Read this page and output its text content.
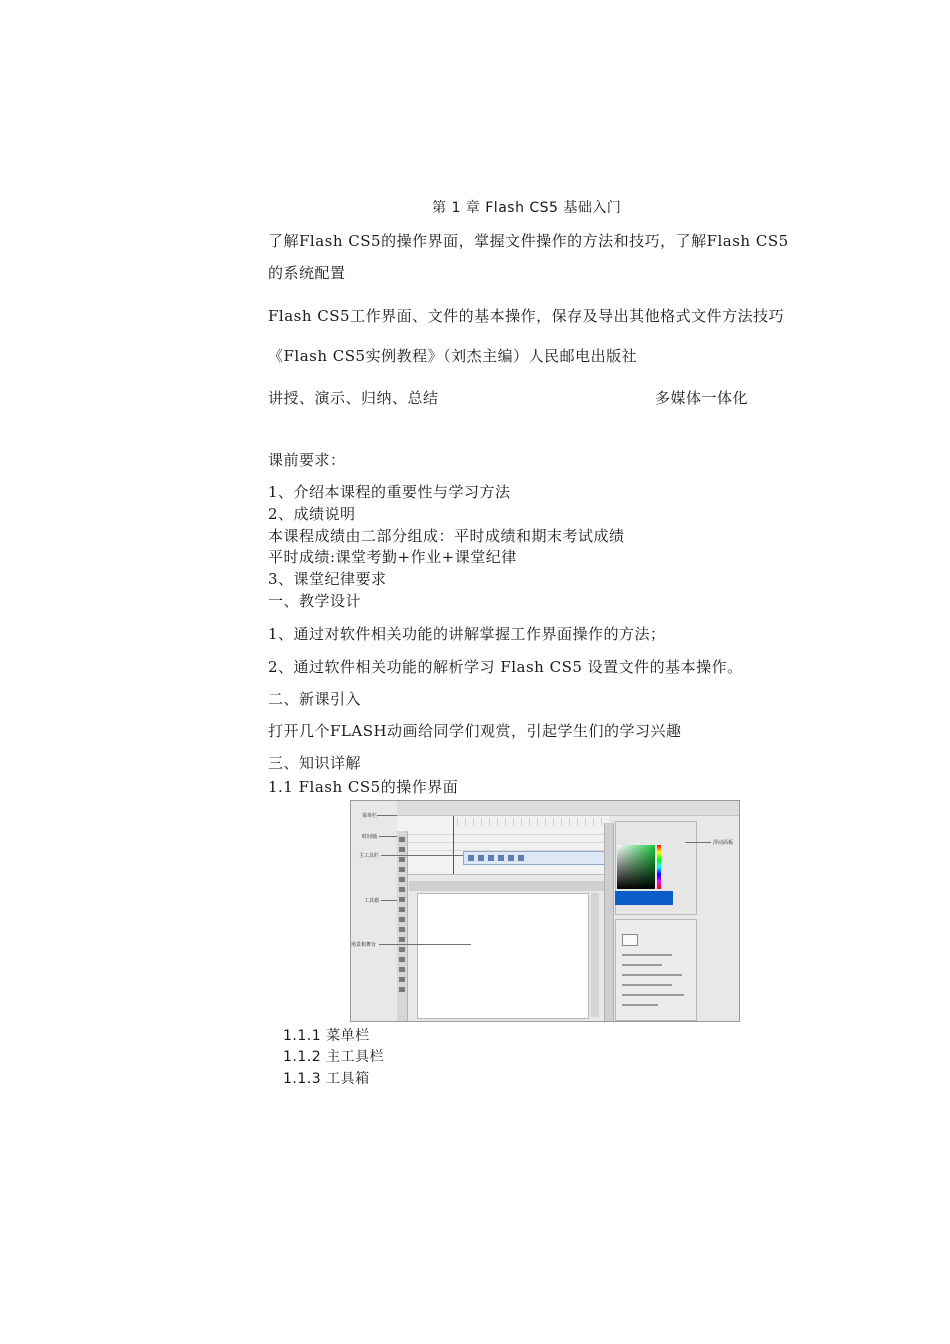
第 1 章 Flash CS5 基础入门
了解Flash CS5的操作界面，掌握文件操作的方法和技巧，了解Flash CS5
的系统配置
Flash CS5工作界面、文件的基本操作，保存及导出其他格式文件方法技巧
《Flash CS5实例教程》（刘杰主编）人民邮电出版社
讲授、演示、归纳、总结	多媒体一体化
课前要求：
1、介绍本课程的重要性与学习方法
2、成绩说明
本课程成绩由二部分组成：平时成绩和期末考试成绩
平时成绩:课堂考勤+作业+课堂纪律
3、课堂纪律要求
一、教学设计
1、通过对软件相关功能的讲解掌握工作界面操作的方法；
2、通过软件相关功能的解析学习 Flash CS5 设置文件的基本操作。
二、新课引入
打开几个FLASH动画给同学们观赏，引起学生们的学习兴趣
三、知识详解
1.1 Flash CS5的操作界面
菜单栏
时间轴
主工具栏
工具箱
场景和舞台
浮动面板
1.1.1 菜单栏
1.1.2 主工具栏
1.1.3 工具箱
